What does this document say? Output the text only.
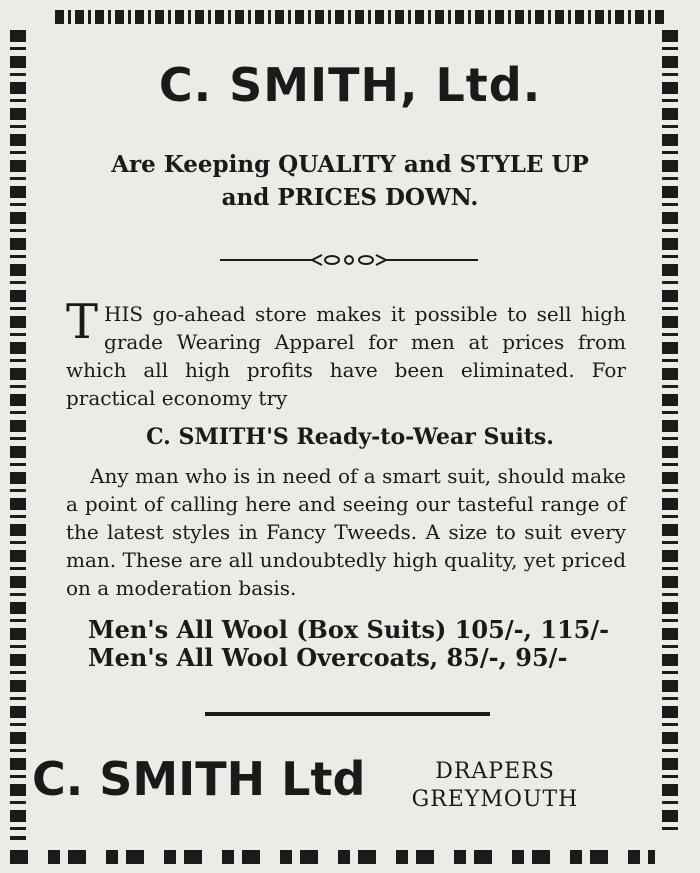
C. SMITH, Ltd.
Are Keeping QUALITY and STYLE UP
and PRICES DOWN.
THIS go-ahead store makes it possible to sell high grade Wearing Apparel for men at prices from which all high profits have been eliminated. For practical economy try
C. SMITH'S Ready-to-Wear Suits.
Any man who is in need of a smart suit, should make a point of calling here and seeing our tasteful range of the latest styles in Fancy Tweeds. A size to suit every man. These are all undoubtedly high quality, yet priced on a moderation basis.
Men's All Wool (Box Suits) 105/-, 115/-
Men's All Wool Overcoats, 85/-, 95/-
C. SMITH Ltd	DRAPERS
GREYMOUTH
